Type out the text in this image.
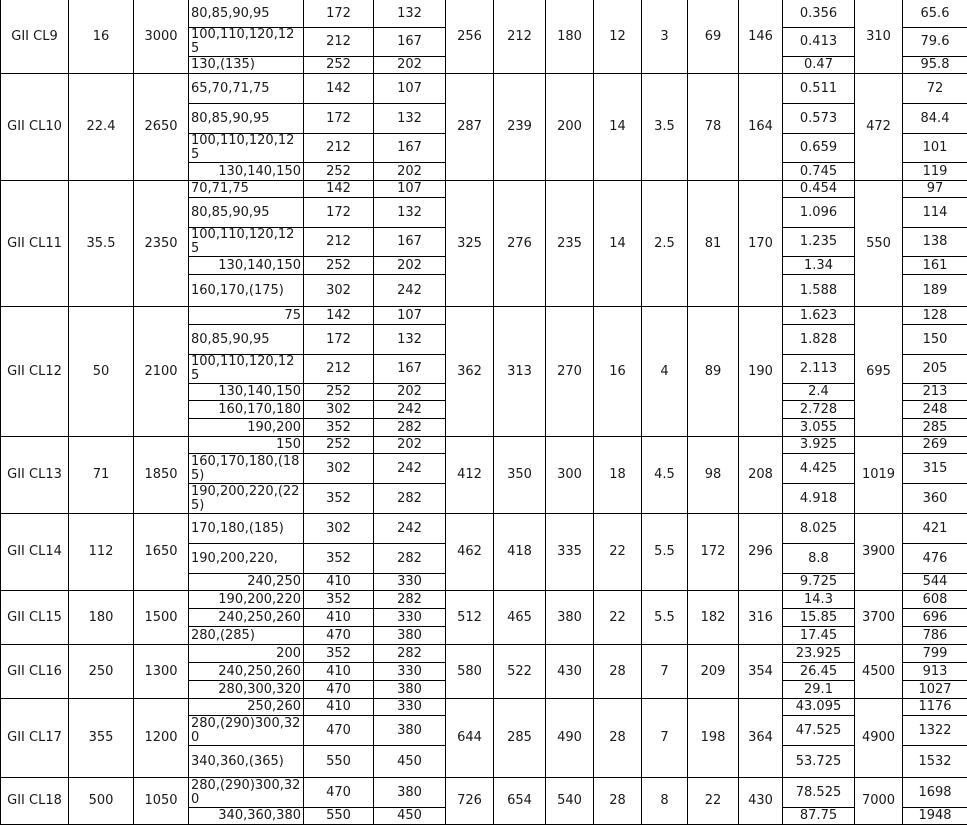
GII CL9	16	3000	80,85,90,95	172	132	256	212	180	12	3	69	146	0.356	310	65.6
			100,110,120,125	212	167								0.413		79.6
			130,(135)	252	202								0.47		95.8
GII CL10	22.4	2650	65,70,71,75	142	107	287	239	200	14	3.5	78	164	0.511	472	72
			80,85,90,95	172	132								0.573		84.4
			100,110,120,125	212	167								0.659		101
			130,140,150	252	202								0.745		119
GII CL11	35.5	2350	70,71,75	142	107	325	276	235	14	2.5	81	170	0.454	550	97
			80,85,90,95	172	132								1.096		114
			100,110,120,125	212	167								1.235		138
			130,140,150	252	202								1.34		161
			160,170,(175)	302	242								1.588		189
GII CL12	50	2100	75	142	107	362	313	270	16	4	89	190	1.623	695	128
			80,85,90,95	172	132								1.828		150
			100,110,120,125	212	167								2.113		205
			130,140,150	252	202								2.4		213
			160,170,180	302	242								2.728		248
			190,200	352	282								3.055		285
GII CL13	71	1850	150	252	202	412	350	300	18	4.5	98	208	3.925	1019	269
			160,170,180,(185)	302	242								4.425		315
			190,200,220,(225)	352	282								4.918		360
GII CL14	112	1650	170,180,(185)	302	242	462	418	335	22	5.5	172	296	8.025	3900	421
			190,200,220,	352	282								8.8		476
			240,250	410	330								9.725		544
GII CL15	180	1500	190,200,220	352	282	512	465	380	22	5.5	182	316	14.3	3700	608
			240,250,260	410	330								15.85		696
			280,(285)	470	380								17.45		786
GII CL16	250	1300	200	352	282	580	522	430	28	7	209	354	23.925	4500	799
			240,250,260	410	330								26.45		913
			280,300,320	470	380								29.1		1027
GII CL17	355	1200	250,260	410	330	644	285	490	28	7	198	364	43.095	4900	1176
			280,(290)300,320	470	380								47.525		1322
			340,360,(365)	550	450								53.725		1532
GII CL18	500	1050	280,(290)300,320	470	380	726	654	540	28	8	22	430	78.525	7000	1698
			340,360,380	550	450								87.75		1948
